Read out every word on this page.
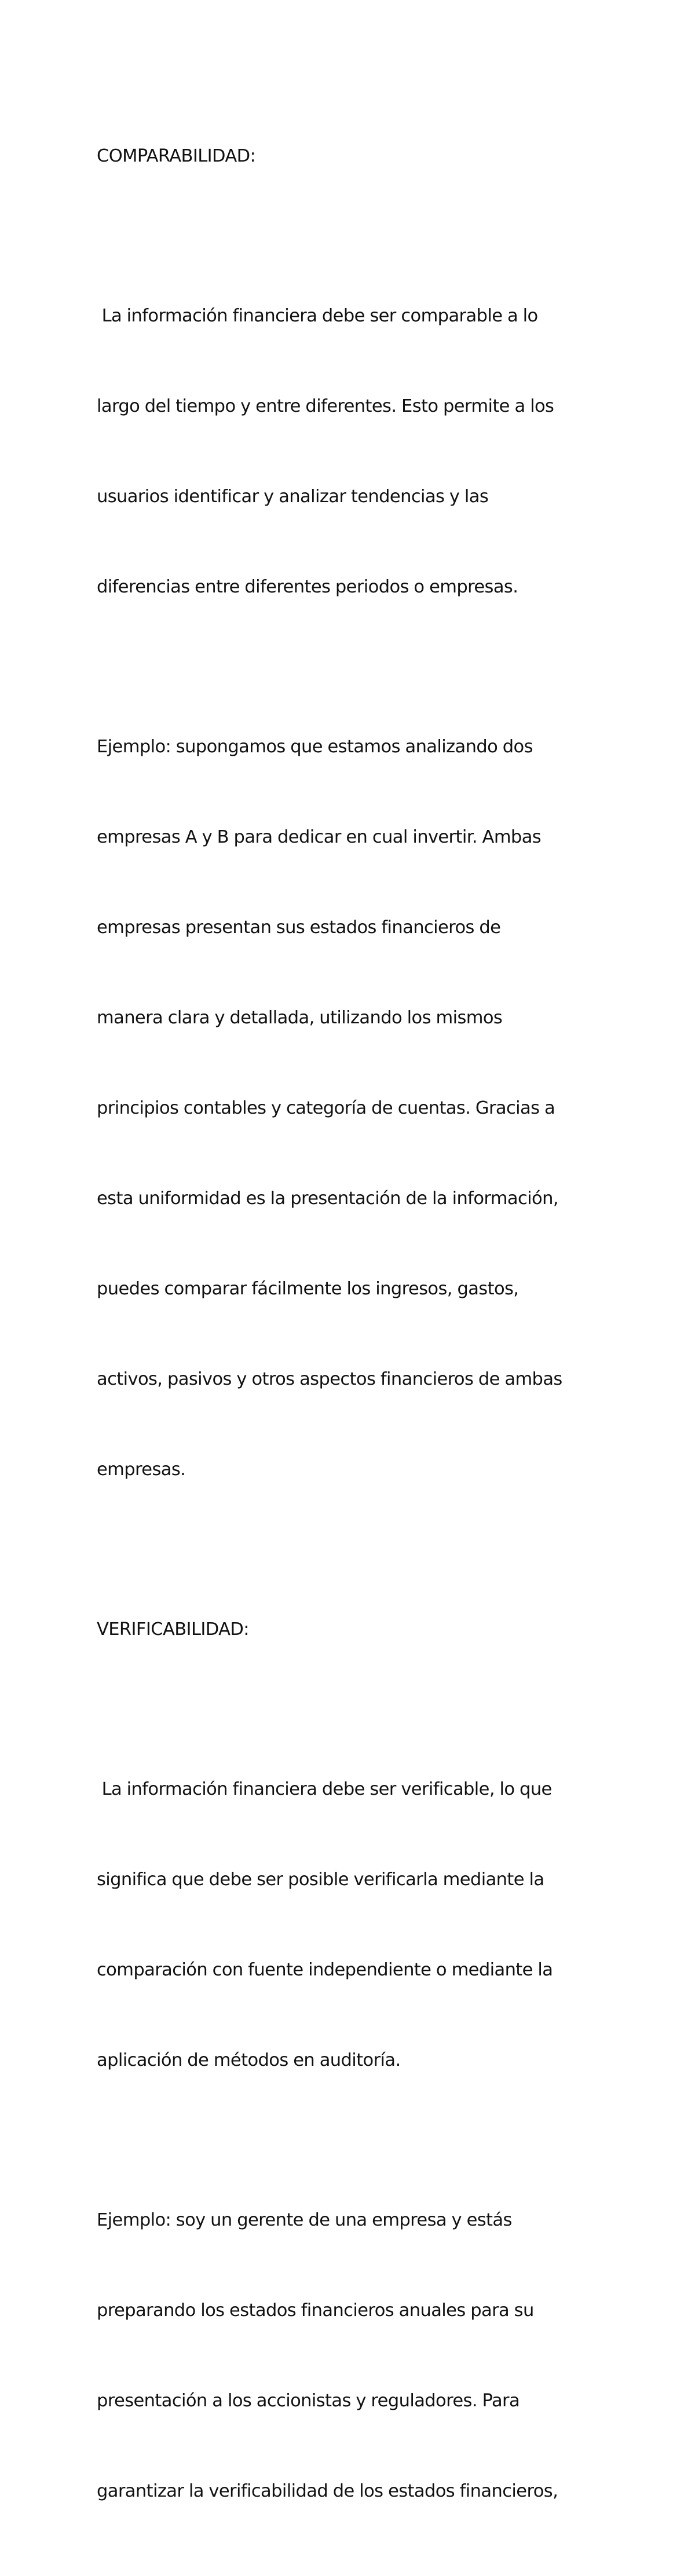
COMPARABILIDAD:

La información financiera debe ser comparable a lo

largo del tiempo y entre diferentes. Esto permite a los

usuarios identificar y analizar tendencias y las

diferencias entre diferentes periodos o empresas.

Ejemplo: supongamos que estamos analizando dos

empresas A y B para dedicar en cual invertir. Ambas

empresas presentan sus estados financieros de

manera clara y detallada, utilizando los mismos

principios contables y categoría de cuentas. Gracias a

esta uniformidad es la presentación de la información,

puedes comparar fácilmente los ingresos, gastos,

activos, pasivos y otros aspectos financieros de ambas

empresas.

VERIFICABILIDAD:

La información financiera debe ser verificable, lo que

significa que debe ser posible verificarla mediante la

comparación con fuente independiente o mediante la

aplicación de métodos en auditoría.

Ejemplo: soy un gerente de una empresa y estás

preparando los estados financieros anuales para su

presentación a los accionistas y reguladores. Para

garantizar la verificabilidad de los estados financieros,
